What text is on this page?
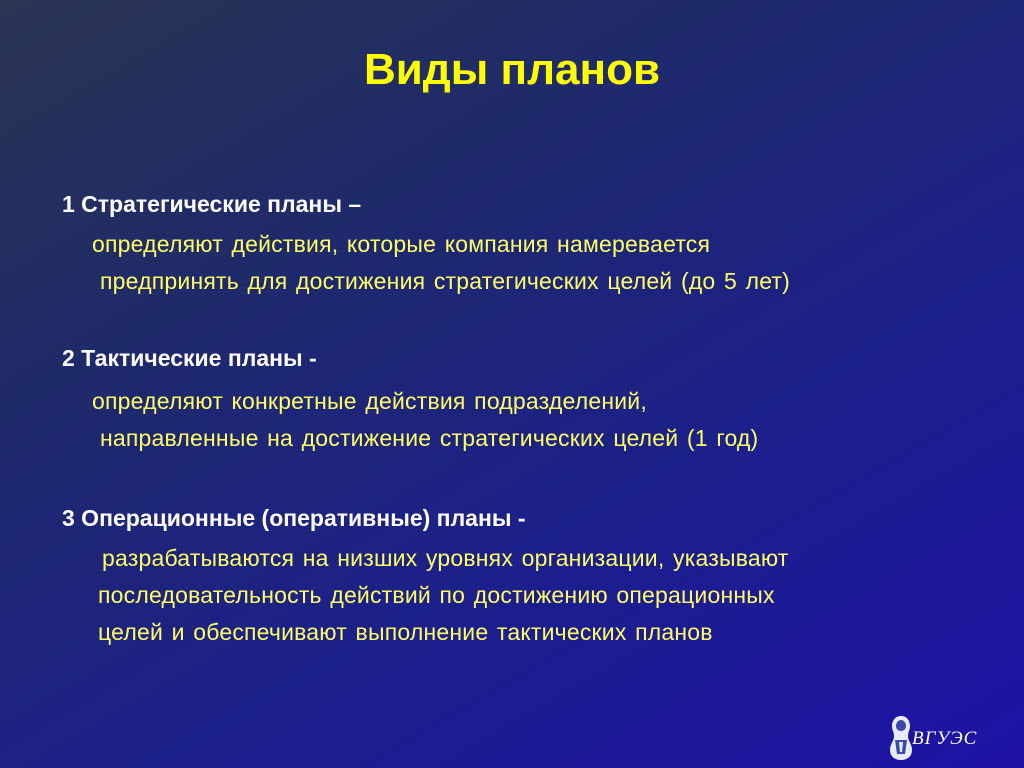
Виды планов
1 Стратегические планы –
определяют действия, которые компания намеревается
предпринять для достижения стратегических целей (до 5 лет)
2 Тактические планы -
определяют конкретные действия подразделений,
направленные на достижение стратегических целей (1 год)
3 Операционные (оперативные) планы -
разрабатываются на низших уровнях организации, указывают
последовательность действий по достижению операционных
целей и обеспечивают выполнение тактических планов
ВГУЭС
